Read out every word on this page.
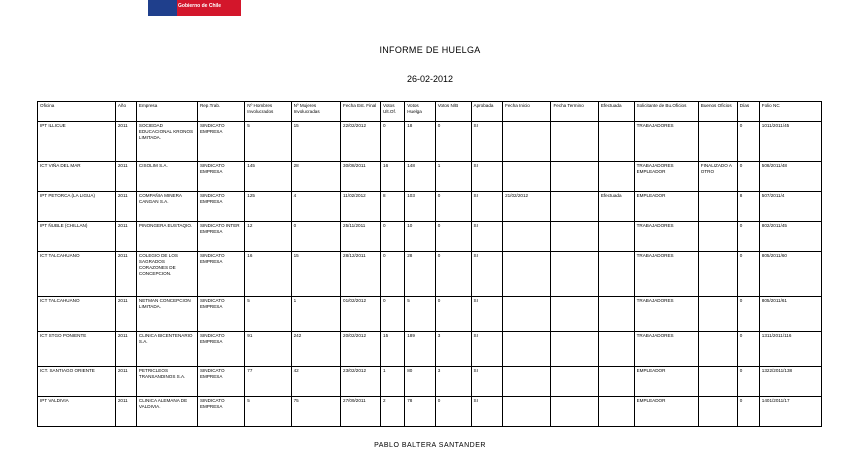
Gobierno de Chile
INFORME DE HUELGA
26-02-2012
Oficina	Año	Empresa	Rep.Trab.	Nº Hombres Involucrados	Nº Mujeres Involucradas	Fecha Est. Final	Votos Ult.Of.	Votos Huelga	Votos N/B	Aprobada	Fecha Inicio	Fecha Termino	Efectuada	Solicitante de Bu.Oficios	Buenos Oficios	Días	Folio NC
IPT ILLICUE	2011	SOCIEDAD EDUCACIONAL KRONOS LIMITADA.	SINDICATO EMPRESA	5	15	22/02/2012	0	18	0	SI				TRABAJADORES		0	1011/2011/45
ICT VIÑA DEL MAR	2011	CISOLIM S.A.	SINDICATO EMPRESA	145	28	30/08/2011	16	148	1	SI				TRABAJADORES EMPLEADOR	FINALIZADO A OTRO	0	508/2011/48
IPT PETORCA (LA LIGUA)	2011	COMPAÑIA MINERA CANGAN S.A.	SINDICATO EMPRESA	125	4	11/02/2012	8	103	0	SI	21/02/2012		Efectuada	EMPLEADOR		8	507/2011/4
IPT ÑUBLE (CHILLAN)	2011	PINONGERA EUSTAQIO.	SINDICATO INTER EMPRESA	12	0	25/11/2011	0	10	0	SI				TRABAJADORES		0	802/2011/45
ICT TALCAHUANO	2011	COLEGIO DE LOS SAGRADOS CORAZONES DE CONCEPCION.	SINDICATO EMPRESA	16	15	28/12/2011	0	28	0	SI				TRABAJADORES		0	805/2011/60
ICT TALCAHUANO	2011	NETMAN CONCEPCION LIMITADA.	SINDICATO EMPRESA	5	1	01/02/2012	0	5	0	SI				TRABAJADORES		0	805/2011/61
ICT STGO PONIENTE	2011	CLINICA BICENTENARIO S.A.	SINDICATO EMPRESA	91	242	20/02/2012	15	189	3	SI				TRABAJADORES		0	1311/2011/116
ICT. SANTIAGO ORIENTE	2011	PETRICLEOS TRANSANDINOS S.A.	SINDICATO EMPRESA	77	42	23/02/2012	1	80	3	SI				EMPLEADOR		0	1322/2011/138
IPT VALDIVIA	2011	CLINICA ALEMANA DE VALDIVIA.	SINDICATO EMPRESA	5	75	27/09/2011	2	78	0	SI				EMPLEADOR		0	1401/2011/17
PABLO BALTERA SANTANDER
